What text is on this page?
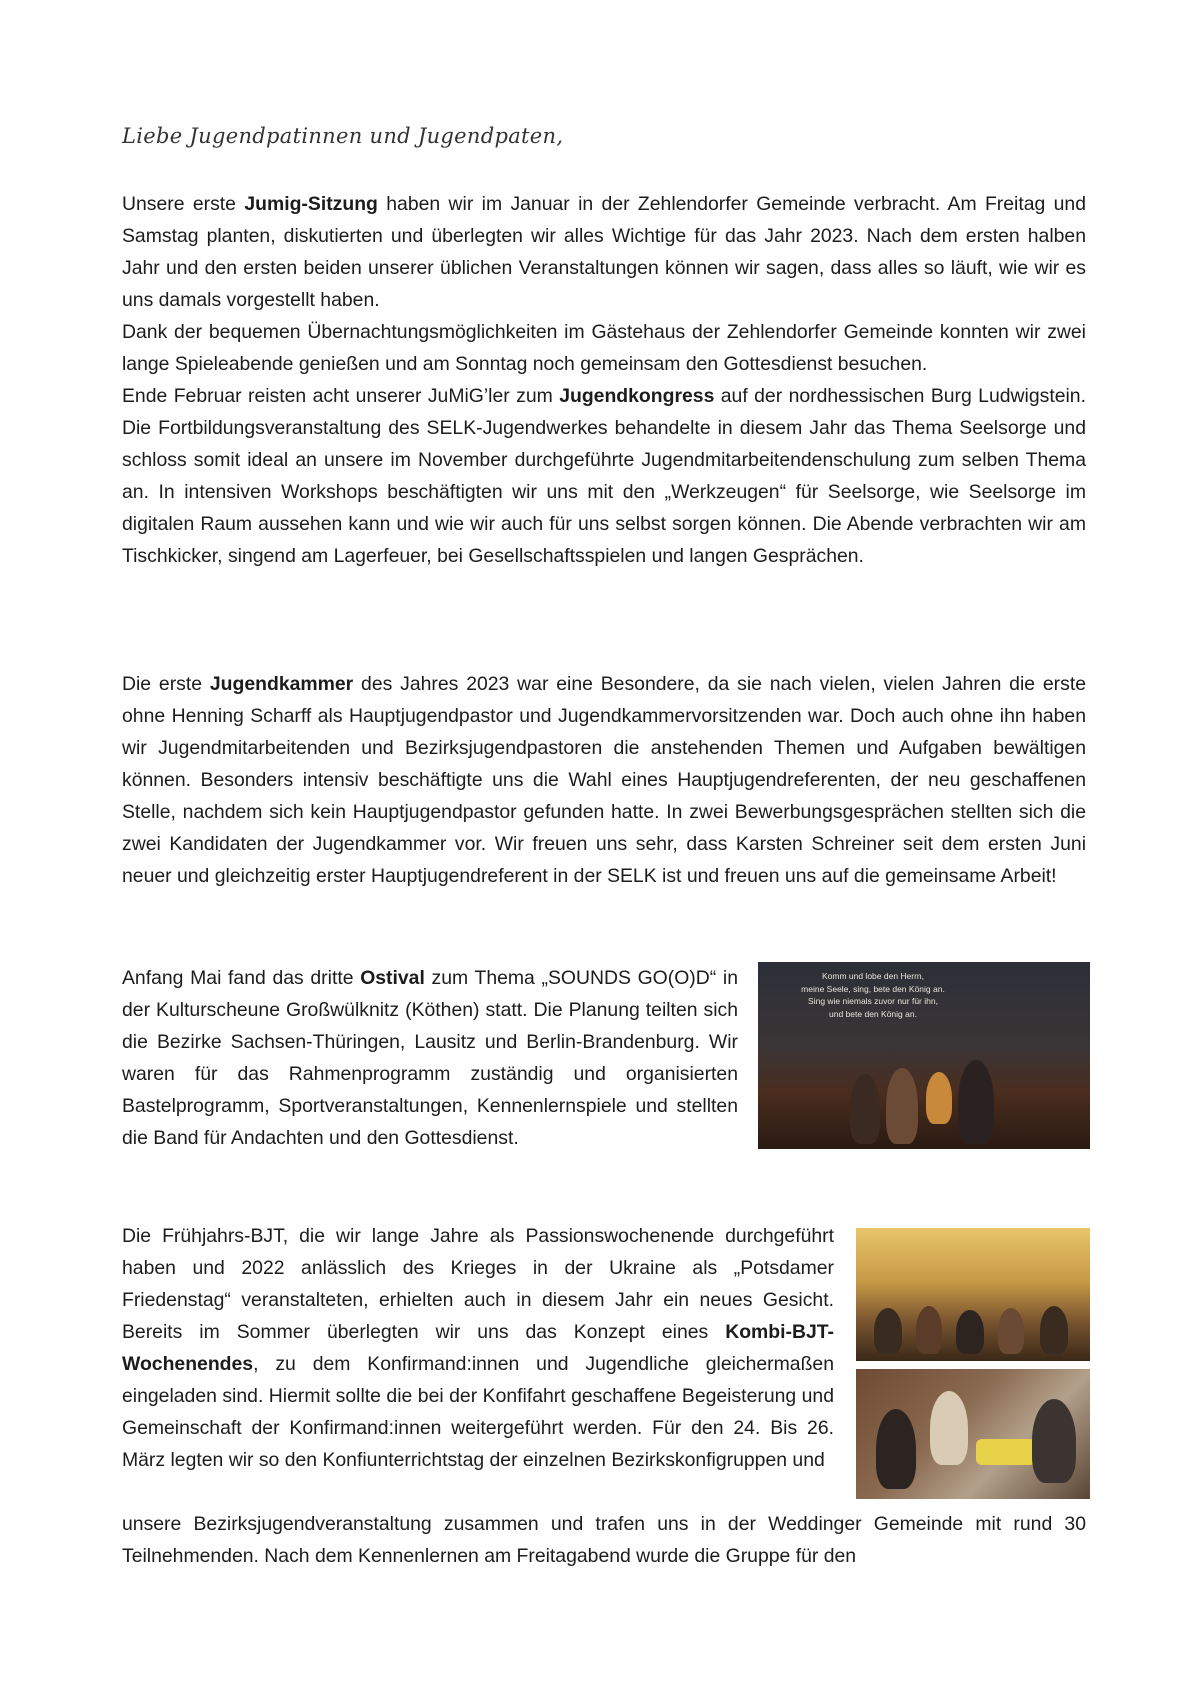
Liebe Jugendpatinnen und Jugendpaten,

Unsere erste Jumig-Sitzung haben wir im Januar in der Zehlendorfer Gemeinde verbracht. Am Freitag und Samstag planten, diskutierten und überlegten wir alles Wichtige für das Jahr 2023. Nach dem ersten halben Jahr und den ersten beiden unserer üblichen Veranstaltungen können wir sagen, dass alles so läuft, wie wir es uns damals vorgestellt haben.

Dank der bequemen Übernachtungsmöglichkeiten im Gästehaus der Zehlendorfer Gemeinde konnten wir zwei lange Spieleabende genießen und am Sonntag noch gemeinsam den Gottesdienst besuchen.

Ende Februar reisten acht unserer JuMiG’ler zum Jugendkongress auf der nordhessischen Burg Ludwigstein. Die Fortbildungsveranstaltung des SELK-Jugendwerkes behandelte in diesem Jahr das Thema Seelsorge und schloss somit ideal an unsere im November durchgeführte Jugendmitarbeitendenschulung zum selben Thema an. In intensiven Workshops beschäftigten wir uns mit den „Werkzeugen“ für Seelsorge, wie Seelsorge im digitalen Raum aussehen kann und wie wir auch für uns selbst sorgen können. Die Abende verbrachten wir am Tischkicker, singend am Lagerfeuer, bei Gesellschaftsspielen und langen Gesprächen.

Die erste Jugendkammer des Jahres 2023 war eine Besondere, da sie nach vielen, vielen Jahren die erste ohne Henning Scharff als Hauptjugendpastor und Jugendkammervorsitzenden war. Doch auch ohne ihn haben wir Jugendmitarbeitenden und Bezirksjugendpastoren die anstehenden Themen und Aufgaben bewältigen können. Besonders intensiv beschäftigte uns die Wahl eines Hauptjugendreferenten, der neu geschaffenen Stelle, nachdem sich kein Hauptjugendpastor gefunden hatte. In zwei Bewerbungsgesprächen stellten sich die zwei Kandidaten der Jugendkammer vor. Wir freuen uns sehr, dass Karsten Schreiner seit dem ersten Juni neuer und gleichzeitig erster Hauptjugendreferent in der SELK ist und freuen uns auf die gemeinsame Arbeit!

Anfang Mai fand das dritte Ostival zum Thema „SOUNDS GO(O)D“ in der Kulturscheune Großwülknitz (Köthen) statt. Die Planung teilten sich die Bezirke Sachsen-Thüringen, Lausitz und Berlin-Brandenburg. Wir waren für das Rahmenprogramm zuständig und organisierten Bastelprogramm, Sportveranstaltungen, Kennenlernspiele und stellten die Band für Andachten und den Gottesdienst.

Komm und lobe den Herrn,
meine Seele, sing, bete den König an.
Sing wie niemals zuvor nur für ihn,
und bete den König an.

Die Frühjahrs-BJT, die wir lange Jahre als Passionswochenende durchgeführt haben und 2022 anlässlich des Krieges in der Ukraine als „Potsdamer Friedenstag“ veranstalteten, erhielten auch in diesem Jahr ein neues Gesicht. Bereits im Sommer überlegten wir uns das Konzept eines Kombi-BJT-Wochenendes, zu dem Konfirmand:innen und Jugendliche gleichermaßen eingeladen sind. Hiermit sollte die bei der Konfifahrt geschaffene Begeisterung und Gemeinschaft der Konfirmand:innen weitergeführt werden. Für den 24. Bis 26. März legten wir so den Konfiunterrichtstag der einzelnen Bezirkskonfigruppen und

unsere Bezirksjugendveranstaltung zusammen und trafen uns in der Weddinger Gemeinde mit rund 30 Teilnehmenden. Nach dem Kennenlernen am Freitagabend wurde die Gruppe für den
